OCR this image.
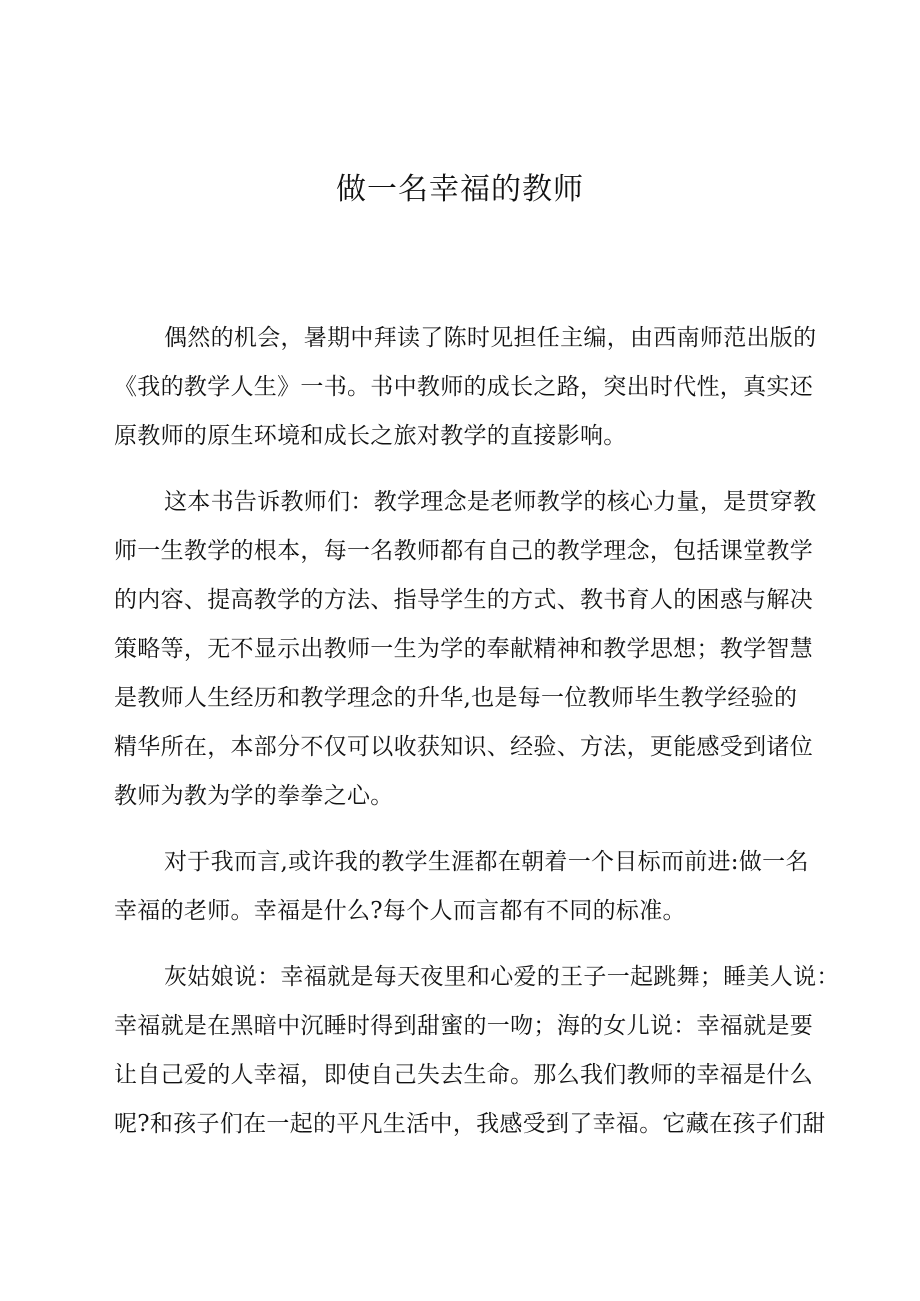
做一名幸福的教师
偶然的机会，暑期中拜读了陈时见担任主编，由西南师范出版的
《我的教学人生》一书。书中教师的成长之路，突出时代性，真实还
原教师的原生环境和成长之旅对教学的直接影响。
这本书告诉教师们：教学理念是老师教学的核心力量，是贯穿教
师一生教学的根本，每一名教师都有自己的教学理念，包括课堂教学
的内容、提高教学的方法、指导学生的方式、教书育人的困惑与解决
策略等，无不显示出教师一生为学的奉献精神和教学思想；教学智慧
是教师人生经历和教学理念的升华,也是每一位教师毕生教学经验的
精华所在，本部分不仅可以收获知识、经验、方法，更能感受到诸位
教师为教为学的拳拳之心。
对于我而言,或许我的教学生涯都在朝着一个目标而前进:做一名
幸福的老师。幸福是什么?每个人而言都有不同的标准。
灰姑娘说：幸福就是每天夜里和心爱的王子一起跳舞；睡美人说：
幸福就是在黑暗中沉睡时得到甜蜜的一吻；海的女儿说：幸福就是要
让自己爱的人幸福，即使自己失去生命。那么我们教师的幸福是什么
呢?和孩子们在一起的平凡生活中，我感受到了幸福。它藏在孩子们甜
